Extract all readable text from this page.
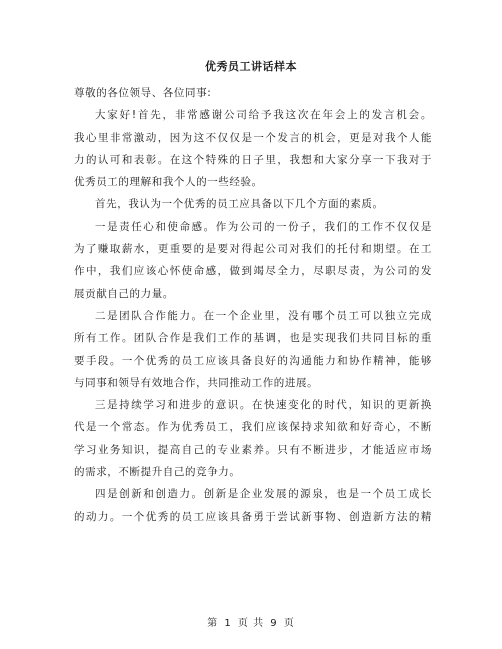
优秀员工讲话样本
尊敬的各位领导、各位同事:
大家好!首先，非常感谢公司给予我这次在年会上的发言机会。
我心里非常激动，因为这不仅仅是一个发言的机会，更是对我个人能
力的认可和表彰。在这个特殊的日子里，我想和大家分享一下我对于
优秀员工的理解和我个人的一些经验。
首先，我认为一个优秀的员工应具备以下几个方面的素质。
一是责任心和使命感。作为公司的一份子，我们的工作不仅仅是
为了赚取薪水，更重要的是要对得起公司对我们的托付和期望。在工
作中，我们应该心怀使命感，做到竭尽全力，尽职尽责，为公司的发
展贡献自己的力量。
二是团队合作能力。在一个企业里，没有哪个员工可以独立完成
所有工作。团队合作是我们工作的基调，也是实现我们共同目标的重
要手段。一个优秀的员工应该具备良好的沟通能力和协作精神，能够
与同事和领导有效地合作，共同推动工作的进展。
三是持续学习和进步的意识。在快速变化的时代，知识的更新换
代是一个常态。作为优秀员工，我们应该保持求知欲和好奇心，不断
学习业务知识，提高自己的专业素养。只有不断进步，才能适应市场
的需求，不断提升自己的竞争力。
四是创新和创造力。创新是企业发展的源泉，也是一个员工成长
的动力。一个优秀的员工应该具备勇于尝试新事物、创造新方法的精
第 1 页 共 9 页
